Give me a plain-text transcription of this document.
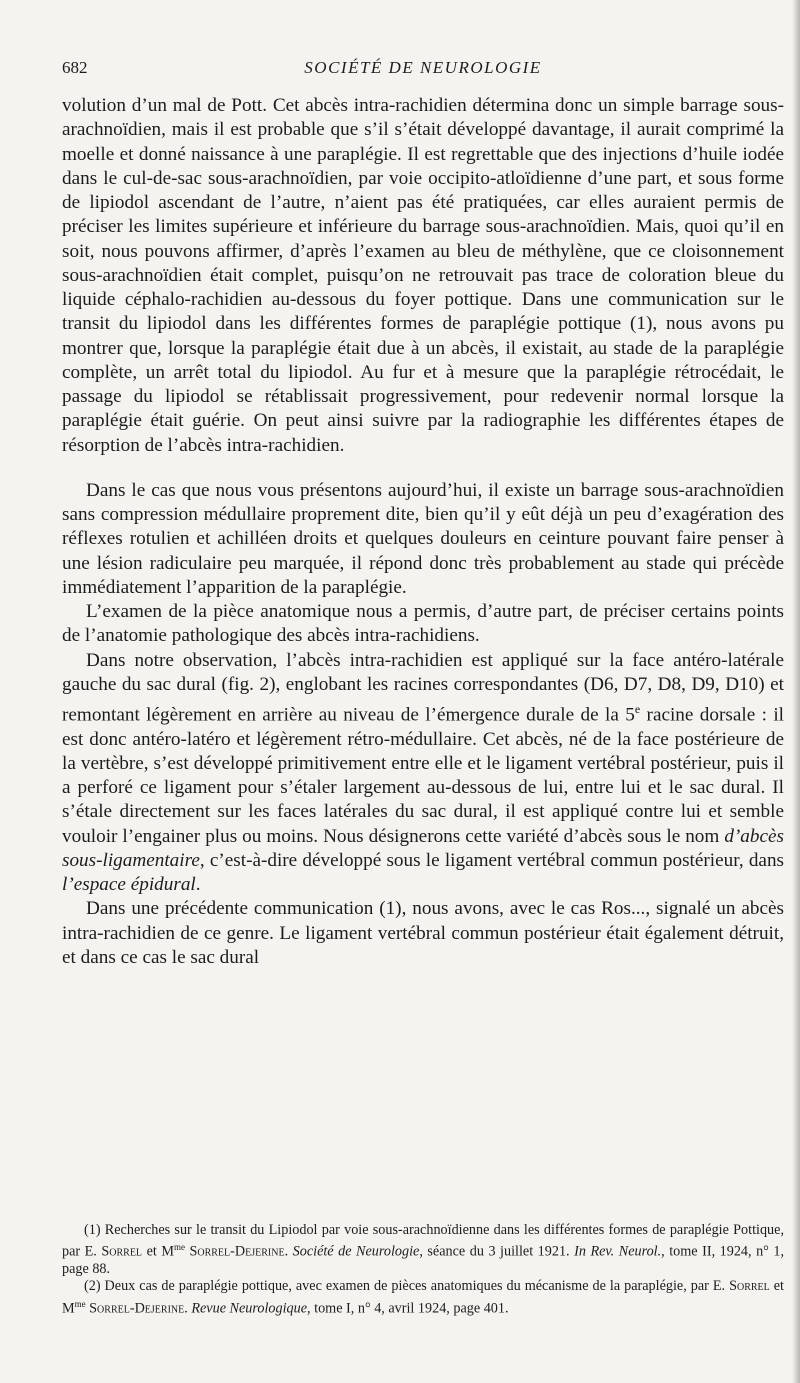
682	SOCIÉTÉ DE NEUROLOGIE

volution d’un mal de Pott. Cet abcès intra-rachidien détermina donc un simple barrage sous-arachnoïdien, mais il est probable que s’il s’était développé davantage, il aurait comprimé la moelle et donné naissance à une paraplégie. Il est regrettable que des injections d’huile iodée dans le cul-de-sac sous-arachnoïdien, par voie occipito-atloïdienne d’une part, et sous forme de lipiodol ascendant de l’autre, n’aient pas été pratiquées, car elles auraient permis de préciser les limites supérieure et inférieure du barrage sous-arachnoïdien. Mais, quoi qu’il en soit, nous pouvons affirmer, d’après l’examen au bleu de méthylène, que ce cloisonnement sous-arachnoïdien était complet, puisqu’on ne retrouvait pas trace de coloration bleue du liquide céphalo-rachidien au-dessous du foyer pottique. Dans une communication sur le transit du lipiodol dans les différentes formes de paraplégie pottique (1), nous avons pu montrer que, lorsque la paraplégie était due à un abcès, il existait, au stade de la paraplégie complète, un arrêt total du lipiodol. Au fur et à mesure que la paraplégie rétrocédait, le passage du lipiodol se rétablissait progressivement, pour redevenir normal lorsque la paraplégie était guérie. On peut ainsi suivre par la radiographie les différentes étapes de résorption de l’abcès intra-rachidien.

Dans le cas que nous vous présentons aujourd’hui, il existe un barrage sous-arachnoïdien sans compression médullaire proprement dite, bien qu’il y eût déjà un peu d’exagération des réflexes rotulien et achilléen droits et quelques douleurs en ceinture pouvant faire penser à une lésion radiculaire peu marquée, il répond donc très probablement au stade qui précède immédiatement l’apparition de la paraplégie.

L’examen de la pièce anatomique nous a permis, d’autre part, de préciser certains points de l’anatomie pathologique des abcès intra-rachidiens.

Dans notre observation, l’abcès intra-rachidien est appliqué sur la face antéro-latérale gauche du sac dural (fig. 2), englobant les racines correspondantes (D6, D7, D8, D9, D10) et remontant légèrement en arrière au niveau de l’émergence durale de la 5e racine dorsale : il est donc antéro-latéro et légèrement rétro-médullaire. Cet abcès, né de la face postérieure de la vertèbre, s’est développé primitivement entre elle et le ligament vertébral postérieur, puis il a perforé ce ligament pour s’étaler largement au-dessous de lui, entre lui et le sac dural. Il s’étale directement sur les faces latérales du sac dural, il est appliqué contre lui et semble vouloir l’engainer plus ou moins. Nous désignerons cette variété d’abcès sous le nom d’abcès sous-ligamentaire, c’est-à-dire développé sous le ligament vertébral commun postérieur, dans l’espace épidural.

Dans une précédente communication (1), nous avons, avec le cas Ros..., signalé un abcès intra-rachidien de ce genre. Le ligament vertébral commun postérieur était également détruit, et dans ce cas le sac dural

(1) Recherches sur le transit du Lipiodol par voie sous-arachnoïdienne dans les différentes formes de paraplégie Pottique, par E. Sorrel et $M^{me}$ Sorrel-Dejerine. Société de Neurologie, séance du 3 juillet 1921. In Rev. Neurol., tome II, 1924, n° 1, page 88.

(2) Deux cas de paraplégie pottique, avec examen de pièces anatomiques du mécanisme de la paraplégie, par E. Sorrel et $M^{me}$ Sorrel-Dejerine. Revue Neurologique, tome I, n° 4, avril 1924, page 401.
